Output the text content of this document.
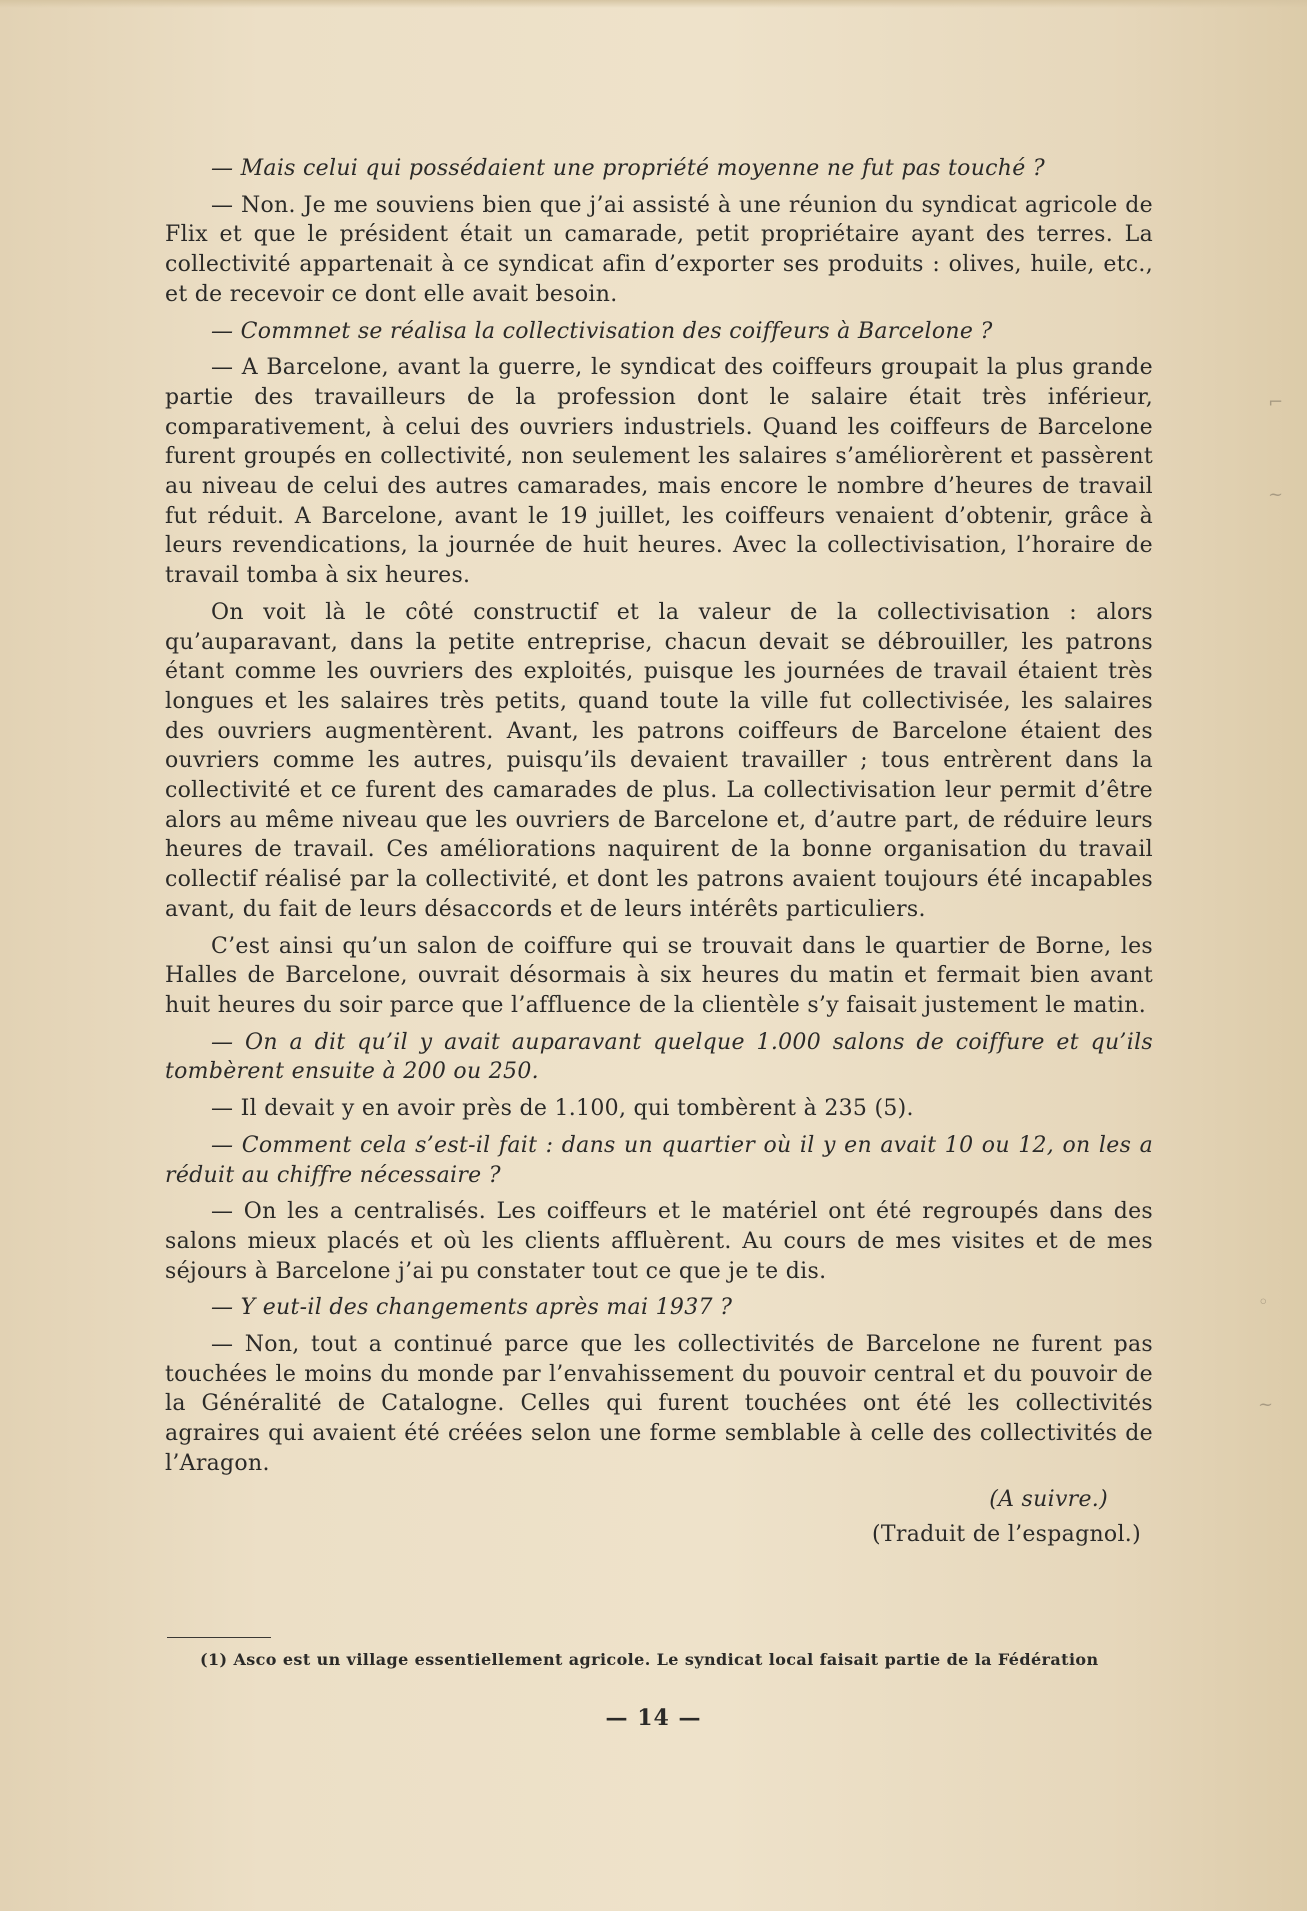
⌐
~
◦
~

— Mais celui qui possédaient une propriété moyenne ne fut pas touché ?

— Non. Je me souviens bien que j’ai assisté à une réunion du syndicat agricole de Flix et que le président était un camarade, petit propriétaire ayant des terres. La collectivité appartenait à ce syndicat afin d’exporter ses produits : olives, huile, etc., et de recevoir ce dont elle avait besoin.

— Commnet se réalisa la collectivisation des coiffeurs à Barcelone ?

— A Barcelone, avant la guerre, le syndicat des coiffeurs groupait la plus grande partie des travailleurs de la profession dont le salaire était très inférieur, comparativement, à celui des ouvriers industriels. Quand les coiffeurs de Barcelone furent groupés en collectivité, non seulement les salaires s’améliorèrent et passèrent au niveau de celui des autres camarades, mais encore le nombre d’heures de travail fut réduit. A Barcelone, avant le 19 juillet, les coiffeurs venaient d’obtenir, grâce à leurs revendications, la journée de huit heures. Avec la collectivisation, l’horaire de travail tomba à six heures.

On voit là le côté constructif et la valeur de la collectivisation : alors qu’auparavant, dans la petite entreprise, chacun devait se débrouiller, les patrons étant comme les ouvriers des exploités, puisque les journées de travail étaient très longues et les salaires très petits, quand toute la ville fut collectivisée, les salaires des ouvriers augmentèrent. Avant, les patrons coiffeurs de Barcelone étaient des ouvriers comme les autres, puisqu’ils devaient travailler ; tous entrèrent dans la collectivité et ce furent des camarades de plus. La collectivisation leur permit d’être alors au même niveau que les ouvriers de Barcelone et, d’autre part, de réduire leurs heures de travail. Ces améliorations naquirent de la bonne organisation du travail collectif réalisé par la collectivité, et dont les patrons avaient toujours été incapables avant, du fait de leurs désaccords et de leurs intérêts particuliers.

C’est ainsi qu’un salon de coiffure qui se trouvait dans le quartier de Borne, les Halles de Barcelone, ouvrait désormais à six heures du matin et fermait bien avant huit heures du soir parce que l’affluence de la clientèle s’y faisait justement le matin.

— On a dit qu’il y avait auparavant quelque 1.000 salons de coiffure et qu’ils tombèrent ensuite à 200 ou 250.

— Il devait y en avoir près de 1.100, qui tombèrent à 235 (5).

— Comment cela s’est-il fait : dans un quartier où il y en avait 10 ou 12, on les a réduit au chiffre nécessaire ?

— On les a centralisés. Les coiffeurs et le matériel ont été regroupés dans des salons mieux placés et où les clients affluèrent. Au cours de mes visites et de mes séjours à Barcelone j’ai pu constater tout ce que je te dis.

— Y eut-il des changements après mai 1937 ?

— Non, tout a continué parce que les collectivités de Barcelone ne furent pas touchées le moins du monde par l’envahissement du pouvoir central et du pouvoir de la Généralité de Catalogne. Celles qui furent touchées ont été les collectivités agraires qui avaient été créées selon une forme semblable à celle des collectivités de l’Aragon.

(A suivre.)
(Traduit de l’espagnol.)
(1) Asco est un village essentiellement agricole. Le syndicat local faisait partie de la Fédération
— 14 —
